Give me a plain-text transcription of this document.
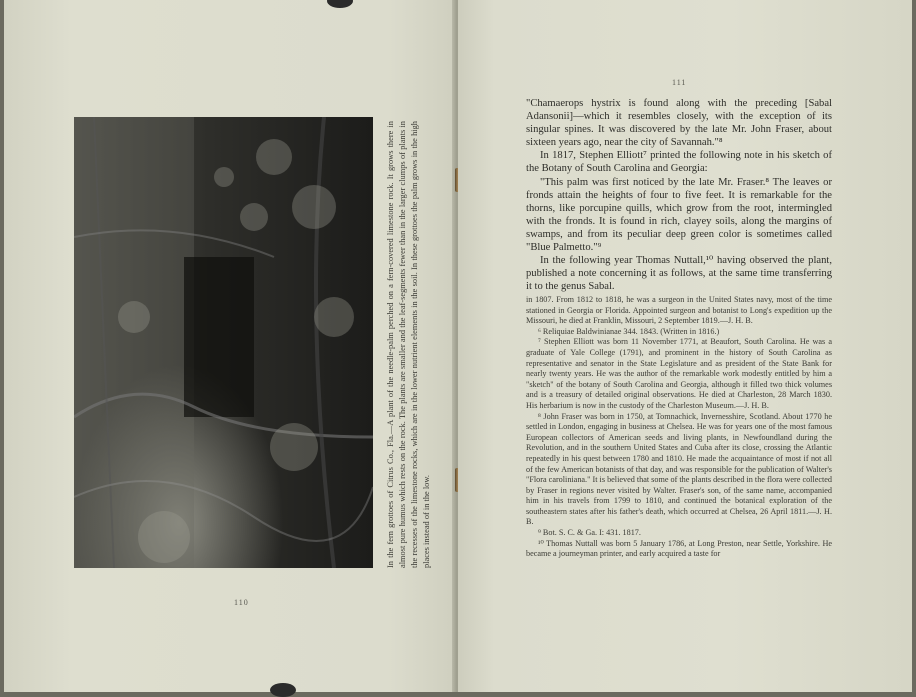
In the fern grottoes of Citrus Co., Fla.—A plant of the needle-palm perched on a fern-covered limestone rock. It grows there in almost pure humus which rests on the rock. The plants are smaller and the leaf-segments fewer than in the larger clumps of plants in the recesses of the limestone rocks, which are in the lower nutrient elements in the soil. In these grottoes the palm grows in the high places instead of in the low.
110
111

"Chamaerops hystrix is found along with the preceding [Sabal Adansonii]—which it resembles closely, with the exception of its singular spines. It was discovered by the late Mr. John Fraser, about sixteen years ago, near the city of Savannah."⁸

In 1817, Stephen Elliott⁷ printed the following note in his sketch of the Botany of South Carolina and Georgia:

"This palm was first noticed by the late Mr. Fraser.⁸ The leaves or fronds attain the heights of four to five feet. It is remarkable for the thorns, like porcupine quills, which grow from the root, intermingled with the fronds. It is found in rich, clayey soils, along the margins of swamps, and from its peculiar deep green color is sometimes called "Blue Palmetto."⁹

In the following year Thomas Nuttall,¹⁰ having observed the plant, published a note concerning it as follows, at the same time transferring it to the genus Sabal.

in 1807. From 1812 to 1818, he was a surgeon in the United States navy, most of the time stationed in Georgia or Florida. Appointed surgeon and botanist to Long's expedition up the Missouri, he died at Franklin, Missouri, 2 September 1819.—J. H. B.

⁶ Reliquiae Baldwinianae 344. 1843. (Written in 1816.)

⁷ Stephen Elliott was born 11 November 1771, at Beaufort, South Carolina. He was a graduate of Yale College (1791), and prominent in the history of South Carolina as representative and senator in the State Legislature and as president of the State Bank for nearly twenty years. He was the author of the remarkable work modestly entitled by him a "sketch" of the botany of South Carolina and Georgia, although it filled two thick volumes and is a treasury of detailed original observations. He died at Charleston, 28 March 1830. His herbarium is now in the custody of the Charleston Museum.—J. H. B.

⁸ John Fraser was born in 1750, at Tomnachick, Invernesshire, Scotland. About 1770 he settled in London, engaging in business at Chelsea. He was for years one of the most famous European collectors of American seeds and living plants, in Newfoundland during the Revolution, and in the southern United States and Cuba after its close, crossing the Atlantic repeatedly in his quest between 1780 and 1810. He made the acquaintance of most if not all of the few American botanists of that day, and was responsible for the publication of Walter's "Flora caroliniana." It is believed that some of the plants described in the flora were collected by Fraser in regions never visited by Walter. Fraser's son, of the same name, accompanied him in his travels from 1799 to 1810, and continued the botanical exploration of the southeastern states after his father's death, which occurred at Chelsea, 26 April 1811.—J. H. B.

⁹ Bot. S. C. & Ga. I: 431. 1817.

¹⁰ Thomas Nuttall was born 5 January 1786, at Long Preston, near Settle, Yorkshire. He became a journeyman printer, and early acquired a taste for
